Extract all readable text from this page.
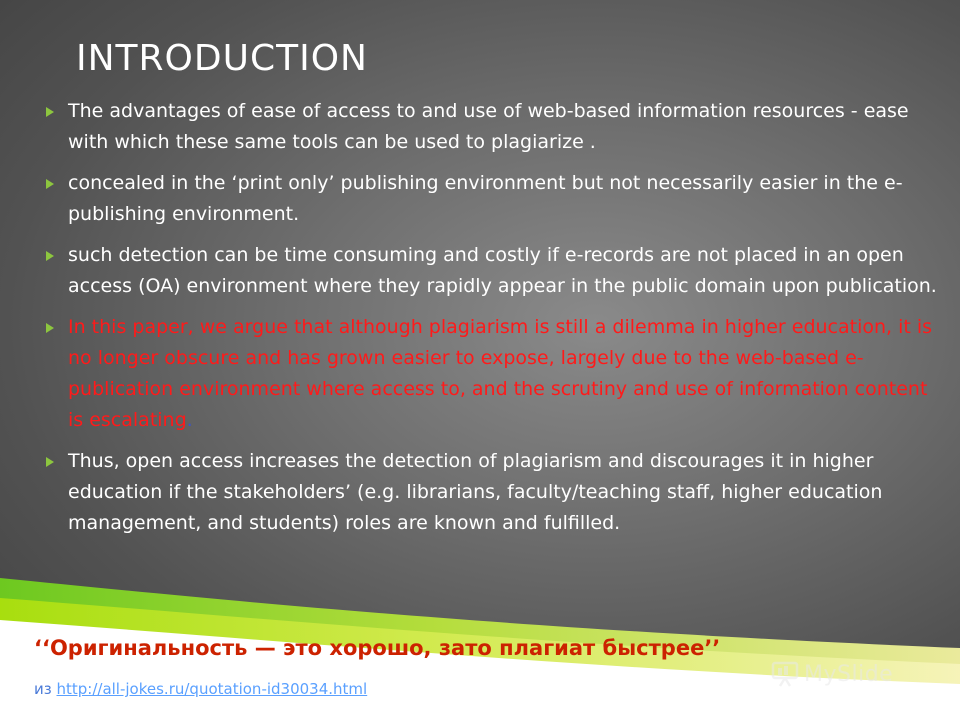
INTRODUCTION
The advantages of ease of access to and use of web-based information resources - ease with which these same tools can be used to plagiarize .
concealed in the ‘print only’ publishing environment but not necessarily easier in the e-publishing environment.
such detection can be time consuming and costly if e-records are not placed in an open access (OA) environment where they rapidly appear in the public domain upon publication.
In this paper, we argue that although plagiarism is still a dilemma in higher education, it is no longer obscure and has grown easier to expose, largely due to the web-based e-publication environment where access to, and the scrutiny and use of information content is escalating.
Thus, open access increases the detection of plagiarism and discourages it in higher education if the stakeholders’ (e.g. librarians, faculty/teaching staff, higher education management, and students) roles are known and fulfilled.
‘‘Оригинальность — это хорошо, зато плагиат быстрее’’
из http://all-jokes.ru/quotation-id30034.html
MySlide
